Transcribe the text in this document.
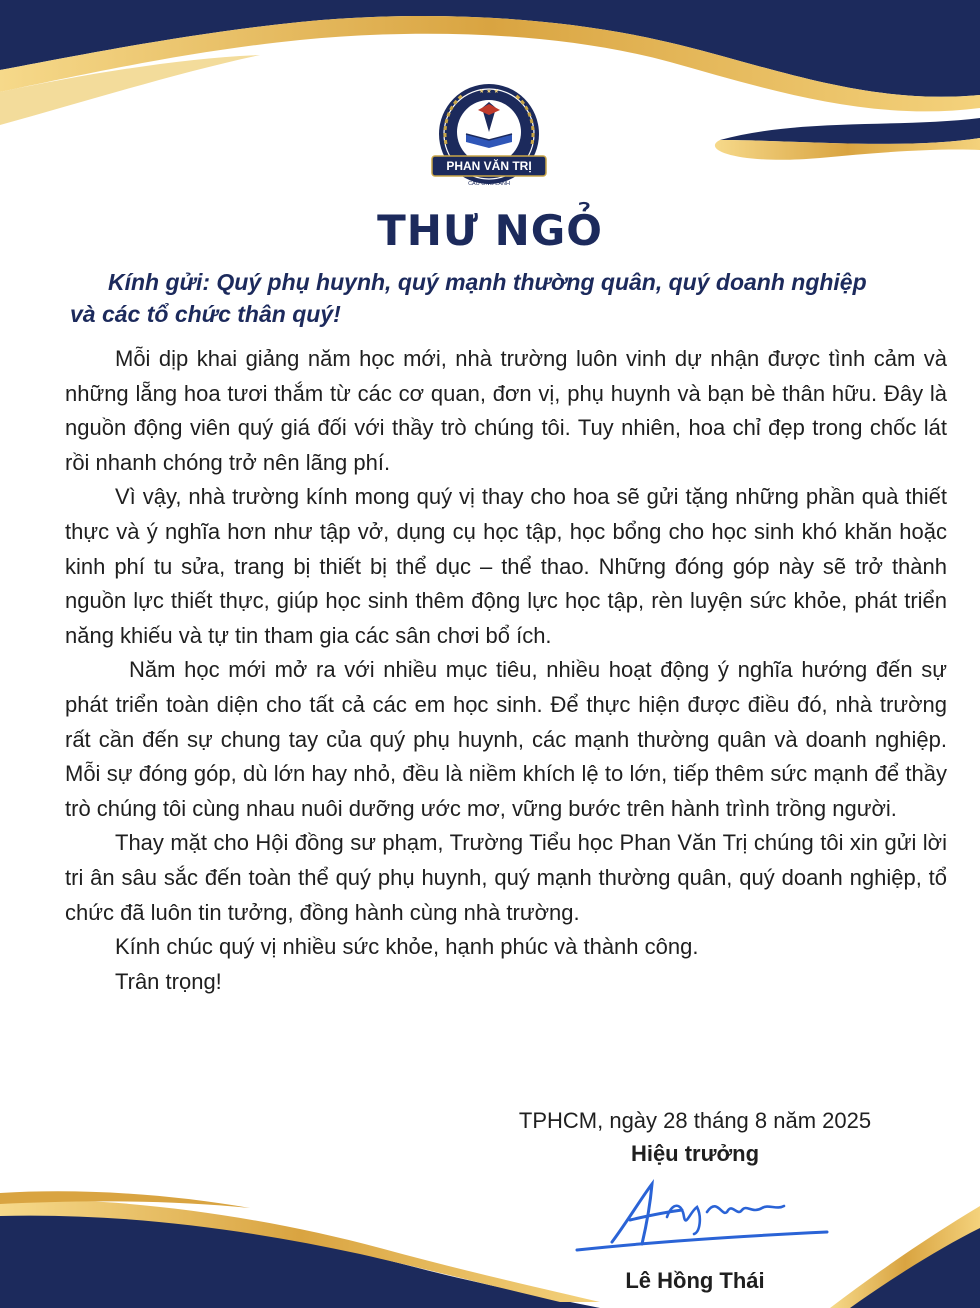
★ ★ ★
PHAN VĂN TRỊ
CẦU ÔNG LÃNH
THƯ NGỎ
Kính gửi: Quý phụ huynh, quý mạnh thường quân, quý doanh nghiệp
và các tổ chức thân quý!

Mỗi dịp khai giảng năm học mới, nhà trường luôn vinh dự nhận được tình cảm và những lẵng hoa tươi thắm từ các cơ quan, đơn vị, phụ huynh và bạn bè thân hữu. Đây là nguồn động viên quý giá đối với thầy trò chúng tôi. Tuy nhiên, hoa chỉ đẹp trong chốc lát rồi nhanh chóng trở nên lãng phí.

Vì vậy, nhà trường kính mong quý vị thay cho hoa sẽ gửi tặng những phần quà thiết thực và ý nghĩa hơn như tập vở, dụng cụ học tập, học bổng cho học sinh khó khăn hoặc kinh phí tu sửa, trang bị thiết bị thể dục – thể thao. Những đóng góp này sẽ trở thành nguồn lực thiết thực, giúp học sinh thêm động lực học tập, rèn luyện sức khỏe, phát triển năng khiếu và tự tin tham gia các sân chơi bổ ích.

Năm học mới mở ra với nhiều mục tiêu, nhiều hoạt động ý nghĩa hướng đến sự phát triển toàn diện cho tất cả các em học sinh. Để thực hiện được điều đó, nhà trường rất cần đến sự chung tay của quý phụ huynh, các mạnh thường quân và doanh nghiệp. Mỗi sự đóng góp, dù lớn hay nhỏ, đều là niềm khích lệ to lớn, tiếp thêm sức mạnh để thầy trò chúng tôi cùng nhau nuôi dưỡng ước mơ, vững bước trên hành trình trồng người.

Thay mặt cho Hội đồng sư phạm, Trường Tiểu học Phan Văn Trị chúng tôi xin gửi lời tri ân sâu sắc đến toàn thể quý phụ huynh, quý mạnh thường quân, quý doanh nghiệp, tổ chức đã luôn tin tưởng, đồng hành cùng nhà trường.

Kính chúc quý vị nhiều sức khỏe, hạnh phúc và thành công.

Trân trọng!

TPHCM, ngày 28 tháng 8 năm 2025
Hiệu trưởng
Lê Hồng Thái
